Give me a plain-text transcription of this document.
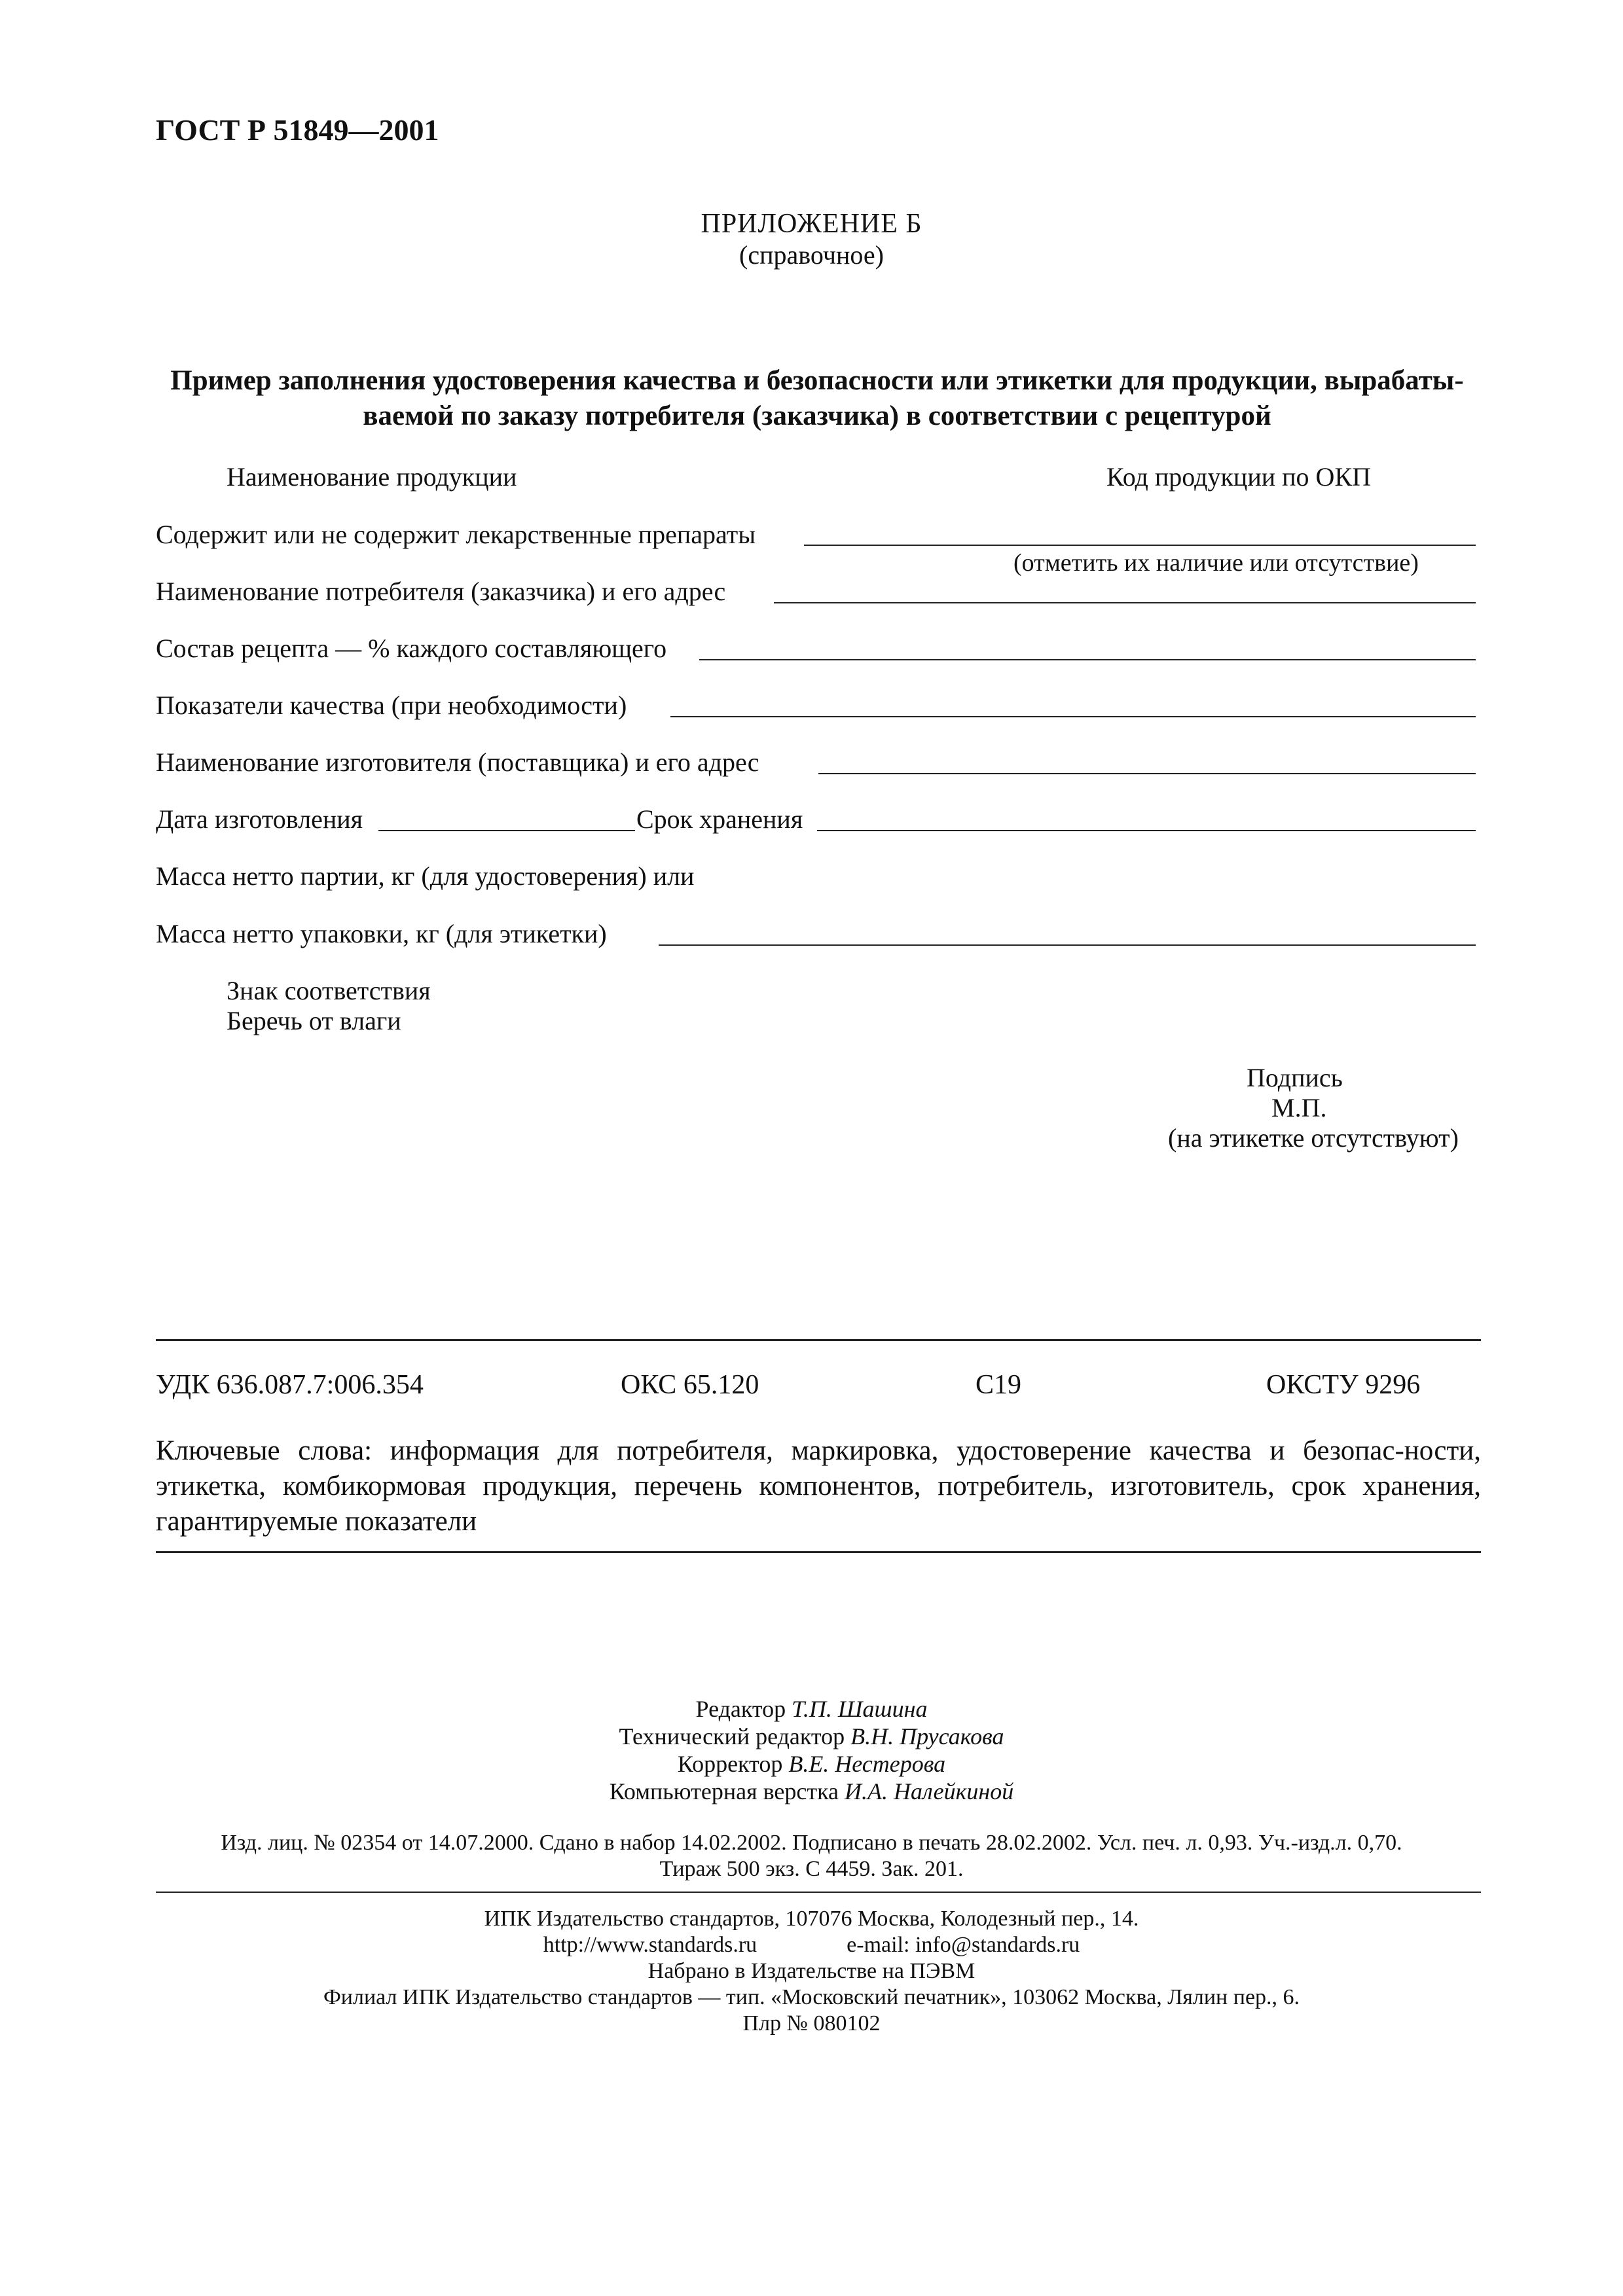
ГОСТ Р 51849—2001
ПРИЛОЖЕНИЕ Б
(справочное)
Пример заполнения удостоверения качества и безопасности или этикетки для продукции, вырабаты-ваемой по заказу потребителя (заказчика) в соответствии с рецептурой
Наименование продукции	Код продукции по ОКП
Содержит или не содержит лекарственные препараты
(отметить их наличие или отсутствие)
Наименование потребителя (заказчика) и его адрес
Состав рецепта — % каждого составляющего
Показатели качества (при необходимости)
Наименование изготовителя (поставщика) и его адрес
Дата изготовления	Срок хранения
Масса нетто партии, кг (для удостоверения) или
Масса нетто упаковки, кг (для этикетки)
Знак соответствия
Беречь от влаги
Подпись
М.П.
(на этикетке отсутствуют)
УДК 636.087.7:006.354	ОКС 65.120	С19	ОКСТУ 9296
Ключевые слова: информация для потребителя, маркировка, удостоверение качества и безопас-ности, этикетка, комбикормовая продукция, перечень компонентов, потребитель, изготовитель, срок хранения, гарантируемые показатели
Редактор Т.П. Шашина
Технический редактор В.Н. Прусакова
Корректор В.Е. Нестерова
Компьютерная верстка И.А. Налейкиной
Изд. лиц. № 02354 от 14.07.2000. Сдано в набор 14.02.2002. Подписано в печать 28.02.2002. Усл. печ. л. 0,93. Уч.-изд.л. 0,70.
Тираж 500 экз. С 4459. Зак. 201.
ИПК Издательство стандартов, 107076 Москва, Колодезный пер., 14.
http://www.standards.ru	e-mail: info@standards.ru
Набрано в Издательстве на ПЭВМ
Филиал ИПК Издательство стандартов — тип. «Московский печатник», 103062 Москва, Лялин пер., 6.
Плр № 080102
